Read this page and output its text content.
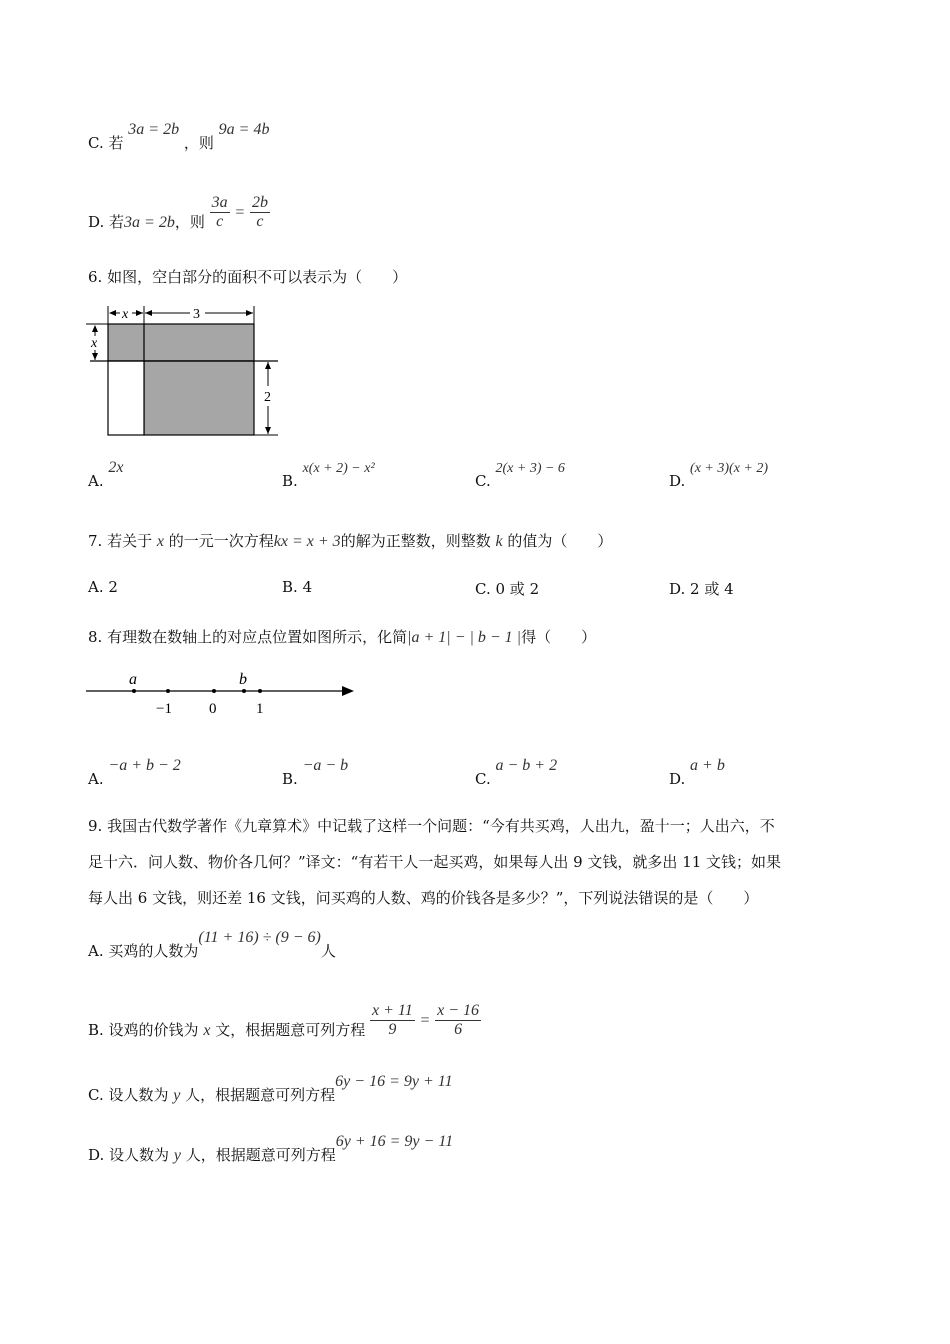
C. 若 3a = 2b ，则 9a = 4b
D. 若3a = 2b，则 $\frac{3a}{c} = \frac{2b}{c}$
6. 如图，空白部分的面积不可以表示为（　　）
x	3
x
2
A. 2x
B. x(x + 2) − x²
C. 2(x + 3) − 6
D. (x + 3)(x + 2)
7. 若关于 x 的一元一次方程kx = x + 3的解为正整数，则整数 k 的值为（　　）
A. 2	B. 4	C. 0 或 2	D. 2 或 4
8. 有理数在数轴上的对应点位置如图所示，化简|a + 1| − | b − 1 |得（　　）
a	b
−1 0	1
A. −a + b − 2
B. −a − b
C. a − b + 2
D. a + b
9. 我国古代数学著作《九章算术》中记载了这样一个问题：“今有共买鸡，人出九，盈十一；人出六，不
足十六．问人数、物价各几何？”译文：“有若干人一起买鸡，如果每人出 9 文钱，就多出 11 文钱；如果
每人出 6 文钱，则还差 16 文钱，问买鸡的人数、鸡的价钱各是多少？”，下列说法错误的是（　　）
A. 买鸡的人数为(11 + 16) ÷ (9 − 6)人
B. 设鸡的价钱为 x 文，根据题意可列方程 $\frac{x + 11}{9} = \frac{x - 16}{6}$
C. 设人数为 y 人，根据题意可列方程6y − 16 = 9y + 11
D. 设人数为 y 人，根据题意可列方程6y + 16 = 9y − 11
